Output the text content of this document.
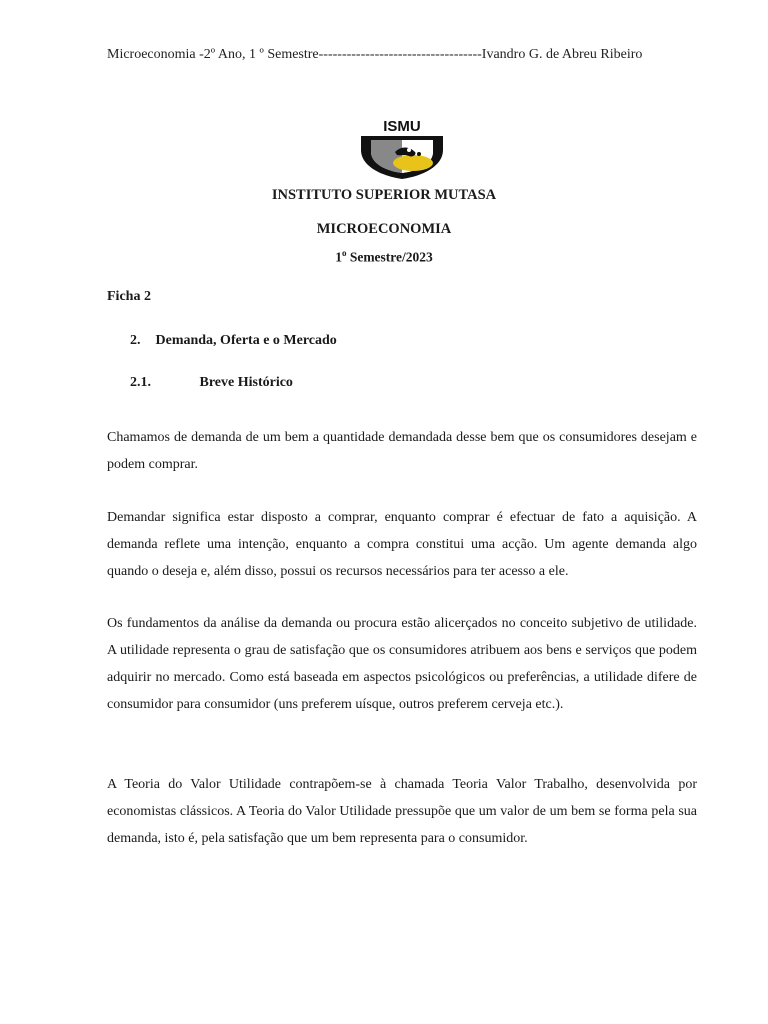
Microeconomia -2º Ano, 1 º Semestre-----------------------------------Ivandro G. de Abreu Ribeiro
ISMU
INSTITUTO SUPERIOR MUTASA
MICROECONOMIA
1$^o$ Semestre/2023
Ficha 2
2. Demanda, Oferta e o Mercado
2.1.	Breve Histórico

Chamamos de demanda de um bem a quantidade demandada desse bem que os consumidores desejam e podem comprar.

Demandar significa estar disposto a comprar, enquanto comprar é efectuar de fato a aquisição. A demanda reflete uma intenção, enquanto a compra constitui uma acção. Um agente demanda algo quando o deseja e, além disso, possui os recursos necessários para ter acesso a ele.

Os fundamentos da análise da demanda ou procura estão alicerçados no conceito subjetivo de utilidade. A utilidade representa o grau de satisfação que os consumidores atribuem aos bens e serviços que podem adquirir no mercado. Como está baseada em aspectos psicológicos ou preferências, a utilidade difere de consumidor para consumidor (uns preferem uísque, outros preferem cerveja etc.).

A Teoria do Valor Utilidade contrapõem-se à chamada Teoria Valor Trabalho, desenvolvida por economistas clássicos. A Teoria do Valor Utilidade pressupõe que um valor de um bem se forma pela sua demanda, isto é, pela satisfação que um bem representa para o consumidor.
